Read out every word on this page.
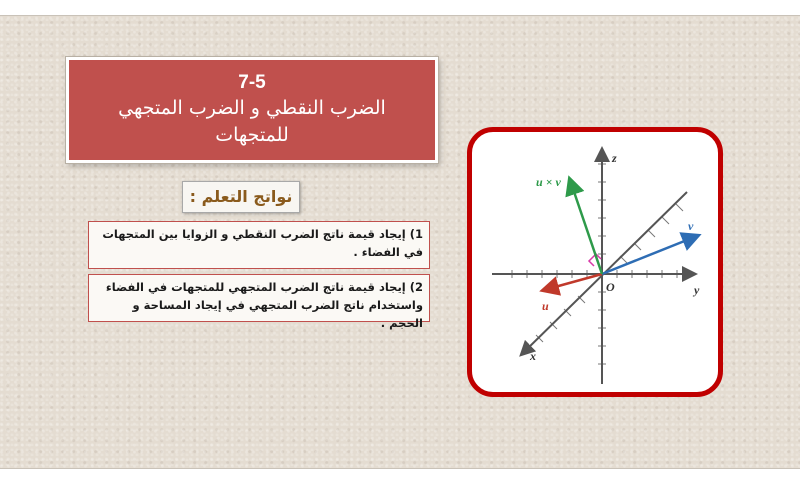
7-5
الضرب النقطي و الضرب المتجهي
للمتجهات
نواتج التعلم :
1) إيجاد قيمة ناتج الضرب النقطي و الزوايا بين المتجهات في الفضاء .
2) إيجاد قيمة ناتج الضرب المتجهي للمتجهات في الفضاء واستخدام ناتج الضرب المتجهي في إيجاد المساحة و الحجم .
z
y
x
O
u
v
u × v
